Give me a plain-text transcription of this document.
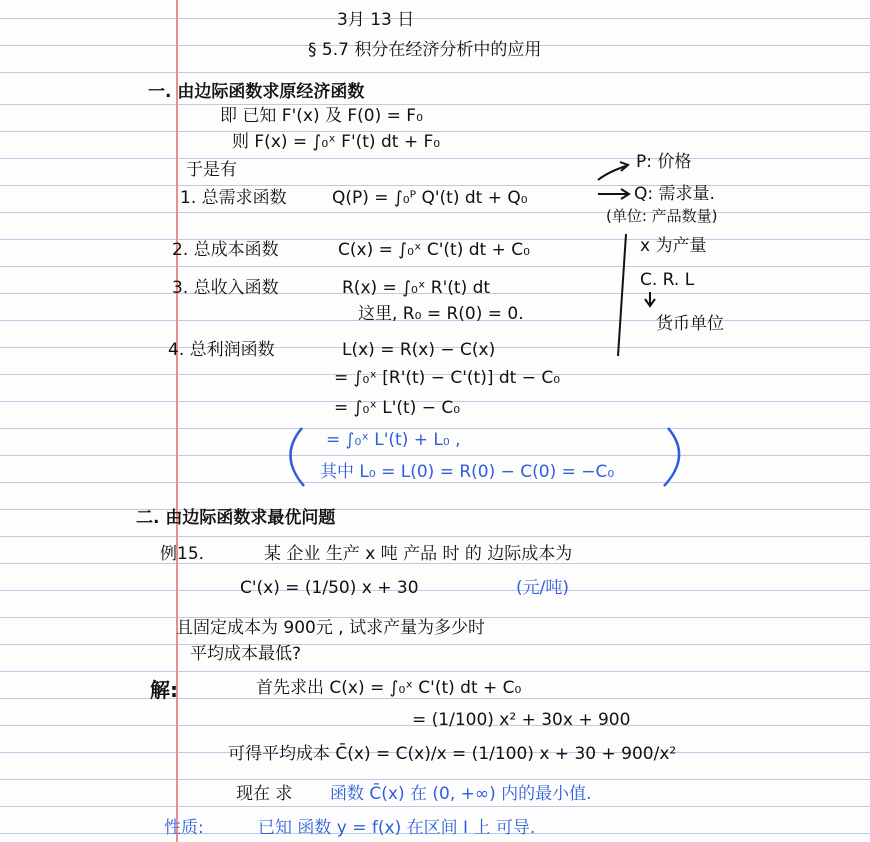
3月 13 日
§ 5.7 积分在经济分析中的应用
一. 由边际函数求原经济函数
即 已知 F'(x) 及 F(0) = F₀
则 F(x) = ∫₀ˣ F'(t) dt + F₀
于是有
1. 总需求函数	Q(P) = ∫₀ᴾ Q'(t) dt + Q₀
P: 价格
Q: 需求量.
(单位: 产品数量)
2. 总成本函数	C(x) = ∫₀ˣ C'(t) dt + C₀	x 为产量
C. R. L
货币单位
3. 总收入函数	R(x) = ∫₀ˣ R'(t) dt
这里, R₀ = R(0) = 0.
4. 总利润函数	L(x) = R(x) − C(x)
= ∫₀ˣ [R'(t) − C'(t)] dt − C₀
= ∫₀ˣ L'(t) − C₀
= ∫₀ˣ L'(t) + L₀ ,
其中 L₀ = L(0) = R(0) − C(0) = −C₀
二. 由边际函数求最优问题
例15.	某 企业 生产 x 吨 产品 时 的 边际成本为
C'(x) = (1/50) x + 30	(元/吨)
且固定成本为 900元 , 试求产量为多少时
平均成本最低?
解:	首先求出 C(x) = ∫₀ˣ C'(t) dt + C₀
= (1/100) x² + 30x + 900
可得平均成本 C̄(x) = C(x)/x = (1/100) x + 30 + 900/x²
现在 求 函数 C̄(x) 在 (0, +∞) 内的最小值.
性质:	已知 函数 y = f(x) 在区间 I 上 可导.
